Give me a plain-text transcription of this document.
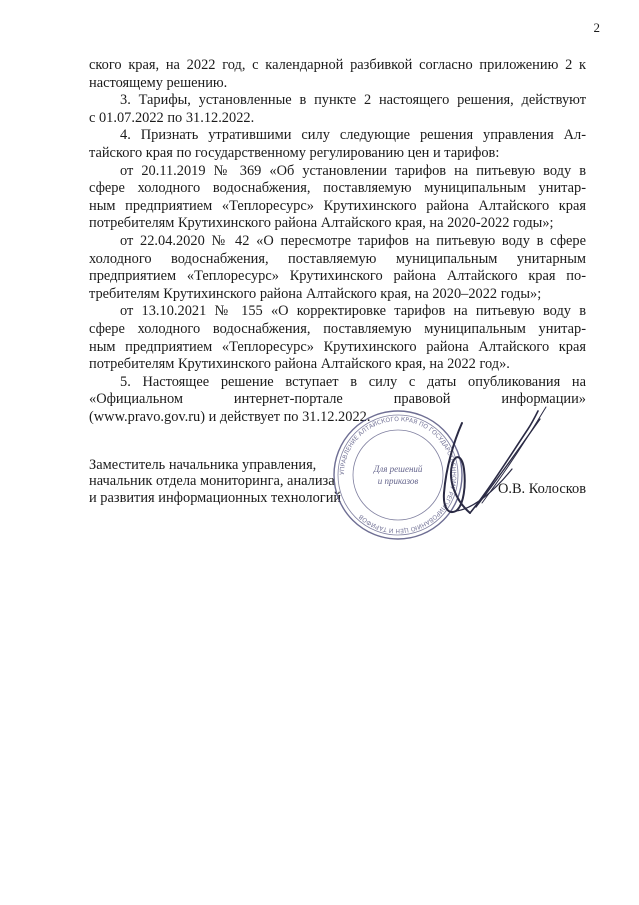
2
ского края, на 2022 год, с календарной разбивкой согласно приложению 2 к
настоящему решению.
3. Тарифы, установленные в пункте 2 настоящего решения, действуют
с 01.07.2022 по 31.12.2022.
4. Признать утратившими силу следующие решения управления Ал-
тайского края по государственному регулированию цен и тарифов:
от 20.11.2019 № 369 «Об установлении тарифов на питьевую воду в
сфере холодного водоснабжения, поставляемую муниципальным унитар-
ным предприятием «Теплоресурс» Крутихинского района Алтайского края
потребителям Крутихинского района Алтайского края, на 2020-2022 годы»;
от 22.04.2020 № 42 «О пересмотре тарифов на питьевую воду в сфере
холодного водоснабжения, поставляемую муниципальным унитарным
предприятием «Теплоресурс» Крутихинского района Алтайского края по-
требителям Крутихинского района Алтайского края, на 2020–2022 годы»;
от 13.10.2021 № 155 «О корректировке тарифов на питьевую воду в
сфере холодного водоснабжения, поставляемую муниципальным унитар-
ным предприятием «Теплоресурс» Крутихинского района Алтайского края
потребителям Крутихинского района Алтайского края, на 2022 год».
5. Настоящее решение вступает в силу с даты опубликования на
«Официальном интернет-портале правовой информации»
(www.pravo.gov.ru) и действует по 31.12.2022.
Заместитель начальника управления,
начальник отдела мониторинга, анализа
и развития информационных технологий
О.В. Колосков
УПРАВЛЕНИЕ АЛТАЙСКОГО КРАЯ ПО ГОСУДАРСТВЕННОМУ РЕГУЛИРОВАНИЮ ЦЕН И ТАРИФОВ
Для решений
и приказов
